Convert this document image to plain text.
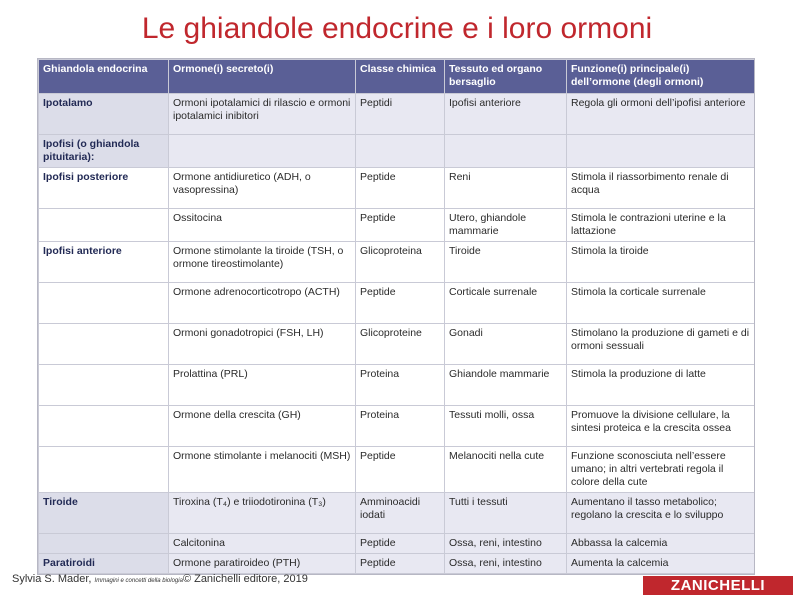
Le ghiandole endocrine e i loro ormoni
Ghiandola endocrina	Ormone(i) secreto(i)	Classe chimica	Tessuto ed organo bersaglio	Funzione(i) principale(i) dell’ormone (degli ormoni)
Ipotalamo	Ormoni ipotalamici di rilascio e ormoni ipotalamici inibitori	Peptidi	Ipofisi anteriore	Regola gli ormoni dell’ipofisi anteriore
Ipofisi (o ghiandola pituitaria):				
Ipofisi posteriore	Ormone antidiuretico (ADH, o vasopressina)	Peptide	Reni	Stimola il riassorbimento renale di acqua
	Ossitocina	Peptide	Utero, ghiandole mammarie	Stimola le contrazioni uterine e la lattazione
Ipofisi anteriore	Ormone stimolante la tiroide (TSH, o ormone tireostimolante)	Glicoproteina	Tiroide	Stimola la tiroide
	Ormone adrenocorticotropo (ACTH)	Peptide	Corticale surrenale	Stimola la corticale surrenale
	Ormoni gonadotropici (FSH, LH)	Glicoproteine	Gonadi	Stimolano la produzione di gameti e di ormoni sessuali
	Prolattina (PRL)	Proteina	Ghiandole mammarie	Stimola la produzione di latte
	Ormone della crescita (GH)	Proteina	Tessuti molli, ossa	Promuove la divisione cellulare, la sintesi proteica e la crescita ossea
	Ormone stimolante i melanociti (MSH)	Peptide	Melanociti nella cute	Funzione sconosciuta nell’essere umano; in altri vertebrati regola il colore della cute
Tiroide	Tiroxina (T₄) e triiodotironina (T₃)	Amminoacidi iodati	Tutti i tessuti	Aumentano il tasso metabolico; regolano la crescita e lo sviluppo
	Calcitonina	Peptide	Ossa, reni, intestino	Abbassa la calcemia
Paratiroidi	Ormone paratiroideo (PTH)	Peptide	Ossa, reni, intestino	Aumenta la calcemia
Sylvia S. Mader, Immagini e concetti della biologia© Zanichelli editore, 2019	ZANICHELLI
